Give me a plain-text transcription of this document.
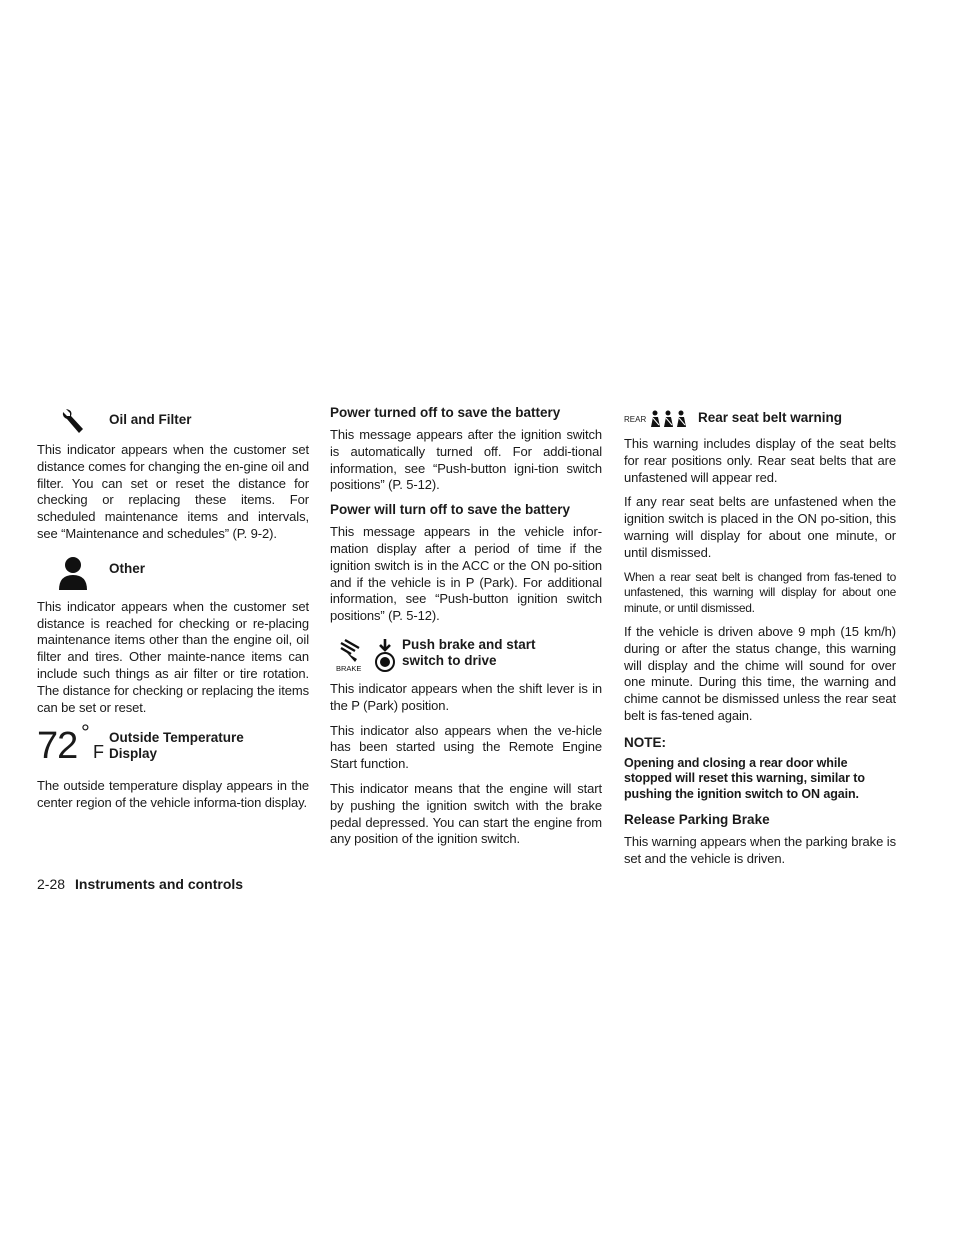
Oil and Filter

This indicator appears when the customer set distance comes for changing the en-gine oil and filter. You can set or reset the distance for checking or replacing these items. For scheduled maintenance items and intervals, see “Maintenance and schedules” (P. 9-2).

Other

This indicator appears when the customer set distance is reached for checking or re-placing maintenance items other than the engine oil, oil filter and tires. Other mainte-nance items can include such things as air filter or tire rotation. The distance for checking or replacing the items can be set or reset.

72 °
F
Outside Temperature
Display

The outside temperature display appears in the center region of the vehicle informa-tion display.

Power turned off to save the battery

This message appears after the ignition switch is automatically turned off. For addi-tional information, see “Push-button igni-tion switch positions” (P. 5-12).

Power will turn off to save the battery

This message appears in the vehicle infor-mation display after a period of time if the ignition switch is in the ACC or the ON po-sition and if the vehicle is in P (Park). For additional information, see “Push-button ignition switch positions” (P. 5-12).

BRAKE
Push brake and start
switch to drive

This indicator appears when the shift lever is in the P (Park) position.

This indicator also appears when the ve-hicle has been started using the Remote Engine Start function.

This indicator means that the engine will start by pushing the ignition switch with the brake pedal depressed. You can start the engine from any position of the ignition switch.

REAR	Rear seat belt warning

This warning includes display of the seat belts for rear positions only. Rear seat belts that are unfastened will appear red.

If any rear seat belts are unfastened when the ignition switch is placed in the ON po-sition, this warning will display for about one minute, or until dismissed.

When a rear seat belt is changed from fas-tened to unfastened, this warning will display for about one minute, or until dismissed.

If the vehicle is driven above 9 mph (15 km/h) during or after the status change, this warning will display and the chime will sound for over one minute. During this time, the warning and chime cannot be dismissed unless the rear seat belt is fas-tened again.

NOTE:

Opening and closing a rear door while stopped will reset this warning, similar to pushing the ignition switch to ON again.

Release Parking Brake

This warning appears when the parking brake is set and the vehicle is driven.

2-28 Instruments and controls
